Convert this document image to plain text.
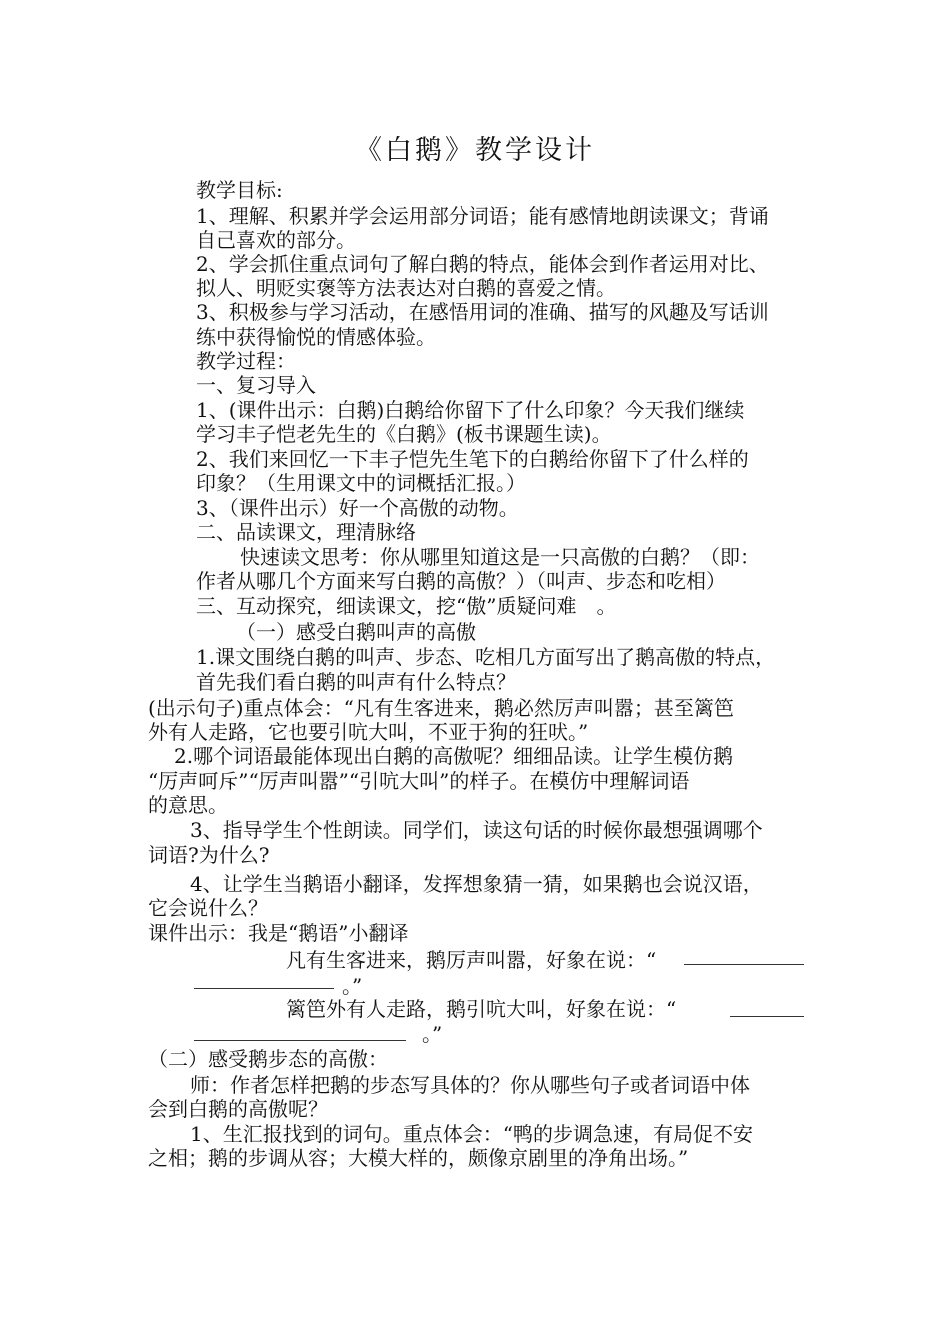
《白鹅》教学设计
教学目标:
1、理解、积累并学会运用部分词语；能有感情地朗读课文；背诵
自己喜欢的部分。
2、学会抓住重点词句了解白鹅的特点，能体会到作者运用对比、
拟人、明贬实褒等方法表达对白鹅的喜爱之情。
3、积极参与学习活动，在感悟用词的准确、描写的风趣及写话训
练中获得愉悦的情感体验。
教学过程：
一、复习导入
1、(课件出示：白鹅)白鹅给你留下了什么印象？今天我们继续
学习丰子恺老先生的《白鹅》(板书课题生读)。
2、我们来回忆一下丰子恺先生笔下的白鹅给你留下了什么样的
印象？（生用课文中的词概括汇报。）
3、（课件出示）好一个高傲的动物。
二、品读课文，理清脉络
快速读文思考：你从哪里知道这是一只高傲的白鹅？（即：
作者从哪几个方面来写白鹅的高傲？）（叫声、步态和吃相）
三、互动探究，细读课文，挖“傲”质疑问难　。
（一）感受白鹅叫声的高傲
1.课文围绕白鹅的叫声、步态、吃相几方面写出了鹅高傲的特点，
首先我们看白鹅的叫声有什么特点？
(出示句子)重点体会：“凡有生客进来，鹅必然厉声叫嚣；甚至篱笆
外有人走路，它也要引吭大叫，不亚于狗的狂吠。”
2.哪个词语最能体现出白鹅的高傲呢？细细品读。让学生模仿鹅
“厉声呵斥”“厉声叫嚣”“引吭大叫”的样子。在模仿中理解词语
的意思。
3、指导学生个性朗读。同学们，读这句话的时候你最想强调哪个
词语?为什么?
4、让学生当鹅语小翻译，发挥想象猜一猜，如果鹅也会说汉语，
它会说什么？
课件出示：我是“鹅语”小翻译
凡有生客进来，鹅厉声叫嚣，好象在说：“
。”
篱笆外有人走路，鹅引吭大叫，好象在说：“
。”
（二）感受鹅步态的高傲：
师：作者怎样把鹅的步态写具体的？你从哪些句子或者词语中体
会到白鹅的高傲呢？
1、生汇报找到的词句。重点体会：“鸭的步调急速，有局促不安
之相；鹅的步调从容；大模大样的，颇像京剧里的净角出场。”
